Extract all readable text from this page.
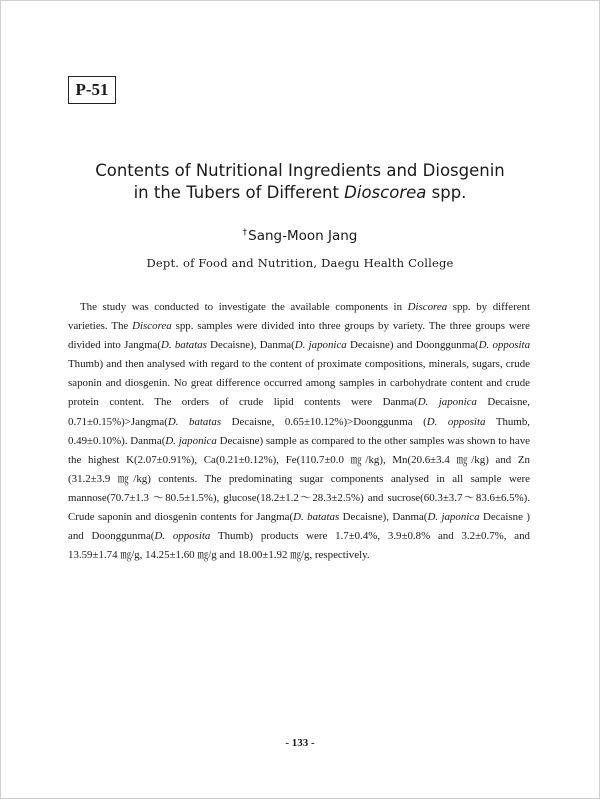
P-51
Contents of Nutritional Ingredients and Diosgenin
in the Tubers of Different Dioscorea spp.
†Sang-Moon Jang
Dept. of Food and Nutrition, Daegu Health College

The study was conducted to investigate the available components in Discorea spp. by different varieties. The Discorea spp. samples were divided into three groups by variety. The three groups were divided into Jangma(D. batatas Decaisne), Danma(D. japonica Decaisne) and Doonggunma(D. opposita Thumb) and then analysed with regard to the content of proximate compositions, minerals, sugars, crude saponin and diosgenin. No great difference occurred among samples in carbohydrate content and crude protein content. The orders of crude lipid contents were Danma(D. japonica Decaisne, 0.71±0.15%)>Jangma(D. batatas Decaisne, 0.65±10.12%)>Doonggunma (D. opposita Thumb, 0.49±0.10%). Danma(D. japonica Decaisne) sample as compared to the other samples was shown to have the highest K(2.07±0.91%), Ca(0.21±0.12%), Fe(110.7±0.0 ㎎/kg), Mn(20.6±3.4 ㎎/kg) and Zn (31.2±3.9 ㎎/kg) contents. The predominating sugar components analysed in all sample were mannose(70.7±1.3 ～80.5±1.5%), glucose(18.2±1.2～28.3±2.5%) and sucrose(60.3±3.7～83.6±6.5%). Crude saponin and diosgenin contents for Jangma(D. batatas Decaisne), Danma(D. japonica Decaisne ) and Doonggunma(D. opposita Thumb) products were 1.7±0.4%, 3.9±0.8% and 3.2±0.7%, and 13.59±1.74 ㎎/g, 14.25±1.60 ㎎/g and 18.00±1.92 ㎎/g, respectively.

- 133 -
